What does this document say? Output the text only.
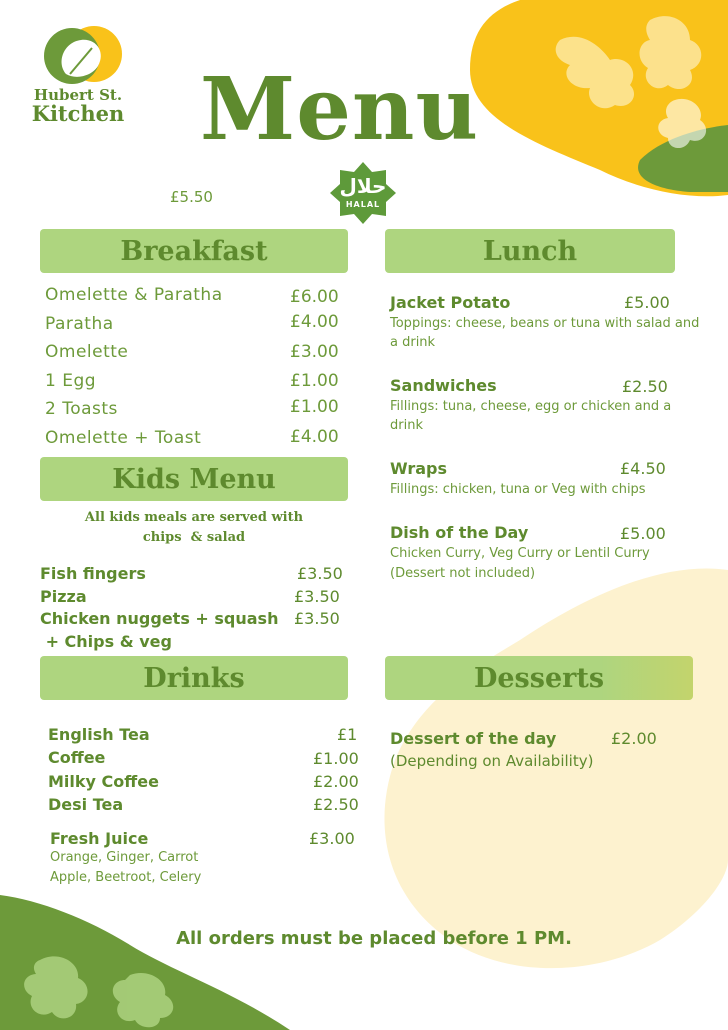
Hubert St.
Kitchen Menu
حلال
HALAL
£5.50
Breakfast
Omelette & Paratha	£6.00
Paratha	£4.00
Omelette	£3.00
1 Egg	£1.00
2 Toasts	£1.00
Omelette + Toast	£4.00
Kids Menu
All kids meals are served with
chips  & salad
Fish fingers	£3.50
Pizza	£3.50
Chicken nuggets + squash £3.50
+ Chips & veg
Drinks
English Tea	£1
Coffee	£1.00
Milky Coffee	£2.00
Desi Tea	£2.50
Fresh Juice	£3.00
Orange, Ginger, Carrot
Apple, Beetroot, Celery
Lunch
Jacket Potato	£5.00
Toppings: cheese, beans or tuna with salad and
a drink
Sandwiches	£2.50
Fillings: tuna, cheese, egg or chicken and a
drink
Wraps	£4.50
Fillings: chicken, tuna or Veg with chips
Dish of the Day	£5.00
Chicken Curry, Veg Curry or Lentil Curry
(Dessert not included)
Desserts
Dessert of the day	£2.00
(Depending on Availability)
All orders must be placed before 1 PM.
